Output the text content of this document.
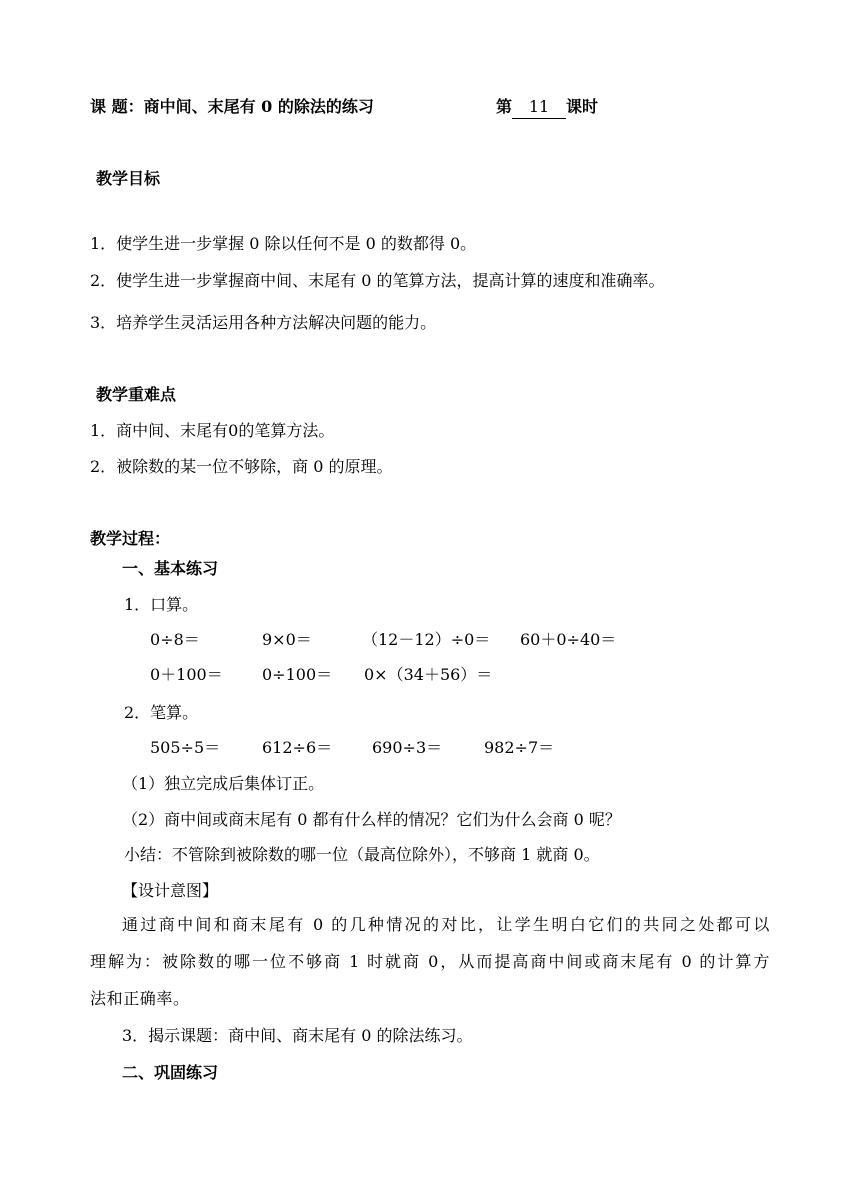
课 题：商中间、末尾有 0 的除法的练习	第 11 课时
教学目标
1．使学生进一步掌握 0 除以任何不是 0 的数都得 0。
2．使学生进一步掌握商中间、末尾有 0 的笔算方法，提高计算的速度和准确率。
3．培养学生灵活运用各种方法解决问题的能力。
教学重难点
1．商中间、末尾有0的笔算方法。
2．被除数的某一位不够除，商 0 的原理。
教学过程：
一、基本练习
1．口算。
0÷8＝	9×0＝	（12－12）÷0＝ 60＋0÷40＝
0＋100＝ 0÷100＝ 0×（34＋56）＝
2．笔算。
505÷5＝	612÷6＝ 690÷3＝	982÷7＝
（1）独立完成后集体订正。
（2）商中间或商末尾有 0 都有什么样的情况？它们为什么会商 0 呢？
小结：不管除到被除数的哪一位（最高位除外），不够商 1 就商 0。
【设计意图】
通过商中间和商末尾有 0 的几种情况的对比，让学生明白它们的共同之处都可以
理解为：被除数的哪一位不够商 1 时就商 0，从而提高商中间或商末尾有 0 的计算方
法和正确率。
3．揭示课题：商中间、商末尾有 0 的除法练习。
二、巩固练习
